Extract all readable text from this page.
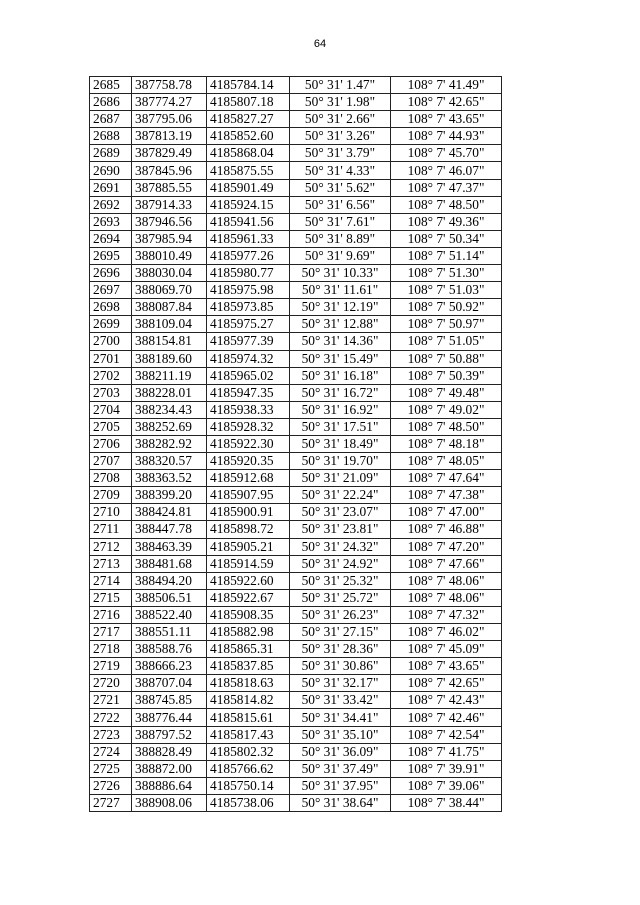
64
2685	387758.78	4185784.14	50° 31' 1.47"	108° 7' 41.49"
2686	387774.27	4185807.18	50° 31' 1.98"	108° 7' 42.65"
2687	387795.06	4185827.27	50° 31' 2.66"	108° 7' 43.65"
2688	387813.19	4185852.60	50° 31' 3.26"	108° 7' 44.93"
2689	387829.49	4185868.04	50° 31' 3.79"	108° 7' 45.70"
2690	387845.96	4185875.55	50° 31' 4.33"	108° 7' 46.07"
2691	387885.55	4185901.49	50° 31' 5.62"	108° 7' 47.37"
2692	387914.33	4185924.15	50° 31' 6.56"	108° 7' 48.50"
2693	387946.56	4185941.56	50° 31' 7.61"	108° 7' 49.36"
2694	387985.94	4185961.33	50° 31' 8.89"	108° 7' 50.34"
2695	388010.49	4185977.26	50° 31' 9.69"	108° 7' 51.14"
2696	388030.04	4185980.77	50° 31' 10.33"	108° 7' 51.30"
2697	388069.70	4185975.98	50° 31' 11.61"	108° 7' 51.03"
2698	388087.84	4185973.85	50° 31' 12.19"	108° 7' 50.92"
2699	388109.04	4185975.27	50° 31' 12.88"	108° 7' 50.97"
2700	388154.81	4185977.39	50° 31' 14.36"	108° 7' 51.05"
2701	388189.60	4185974.32	50° 31' 15.49"	108° 7' 50.88"
2702	388211.19	4185965.02	50° 31' 16.18"	108° 7' 50.39"
2703	388228.01	4185947.35	50° 31' 16.72"	108° 7' 49.48"
2704	388234.43	4185938.33	50° 31' 16.92"	108° 7' 49.02"
2705	388252.69	4185928.32	50° 31' 17.51"	108° 7' 48.50"
2706	388282.92	4185922.30	50° 31' 18.49"	108° 7' 48.18"
2707	388320.57	4185920.35	50° 31' 19.70"	108° 7' 48.05"
2708	388363.52	4185912.68	50° 31' 21.09"	108° 7' 47.64"
2709	388399.20	4185907.95	50° 31' 22.24"	108° 7' 47.38"
2710	388424.81	4185900.91	50° 31' 23.07"	108° 7' 47.00"
2711	388447.78	4185898.72	50° 31' 23.81"	108° 7' 46.88"
2712	388463.39	4185905.21	50° 31' 24.32"	108° 7' 47.20"
2713	388481.68	4185914.59	50° 31' 24.92"	108° 7' 47.66"
2714	388494.20	4185922.60	50° 31' 25.32"	108° 7' 48.06"
2715	388506.51	4185922.67	50° 31' 25.72"	108° 7' 48.06"
2716	388522.40	4185908.35	50° 31' 26.23"	108° 7' 47.32"
2717	388551.11	4185882.98	50° 31' 27.15"	108° 7' 46.02"
2718	388588.76	4185865.31	50° 31' 28.36"	108° 7' 45.09"
2719	388666.23	4185837.85	50° 31' 30.86"	108° 7' 43.65"
2720	388707.04	4185818.63	50° 31' 32.17"	108° 7' 42.65"
2721	388745.85	4185814.82	50° 31' 33.42"	108° 7' 42.43"
2722	388776.44	4185815.61	50° 31' 34.41"	108° 7' 42.46"
2723	388797.52	4185817.43	50° 31' 35.10"	108° 7' 42.54"
2724	388828.49	4185802.32	50° 31' 36.09"	108° 7' 41.75"
2725	388872.00	4185766.62	50° 31' 37.49"	108° 7' 39.91"
2726	388886.64	4185750.14	50° 31' 37.95"	108° 7' 39.06"
2727	388908.06	4185738.06	50° 31' 38.64"	108° 7' 38.44"
